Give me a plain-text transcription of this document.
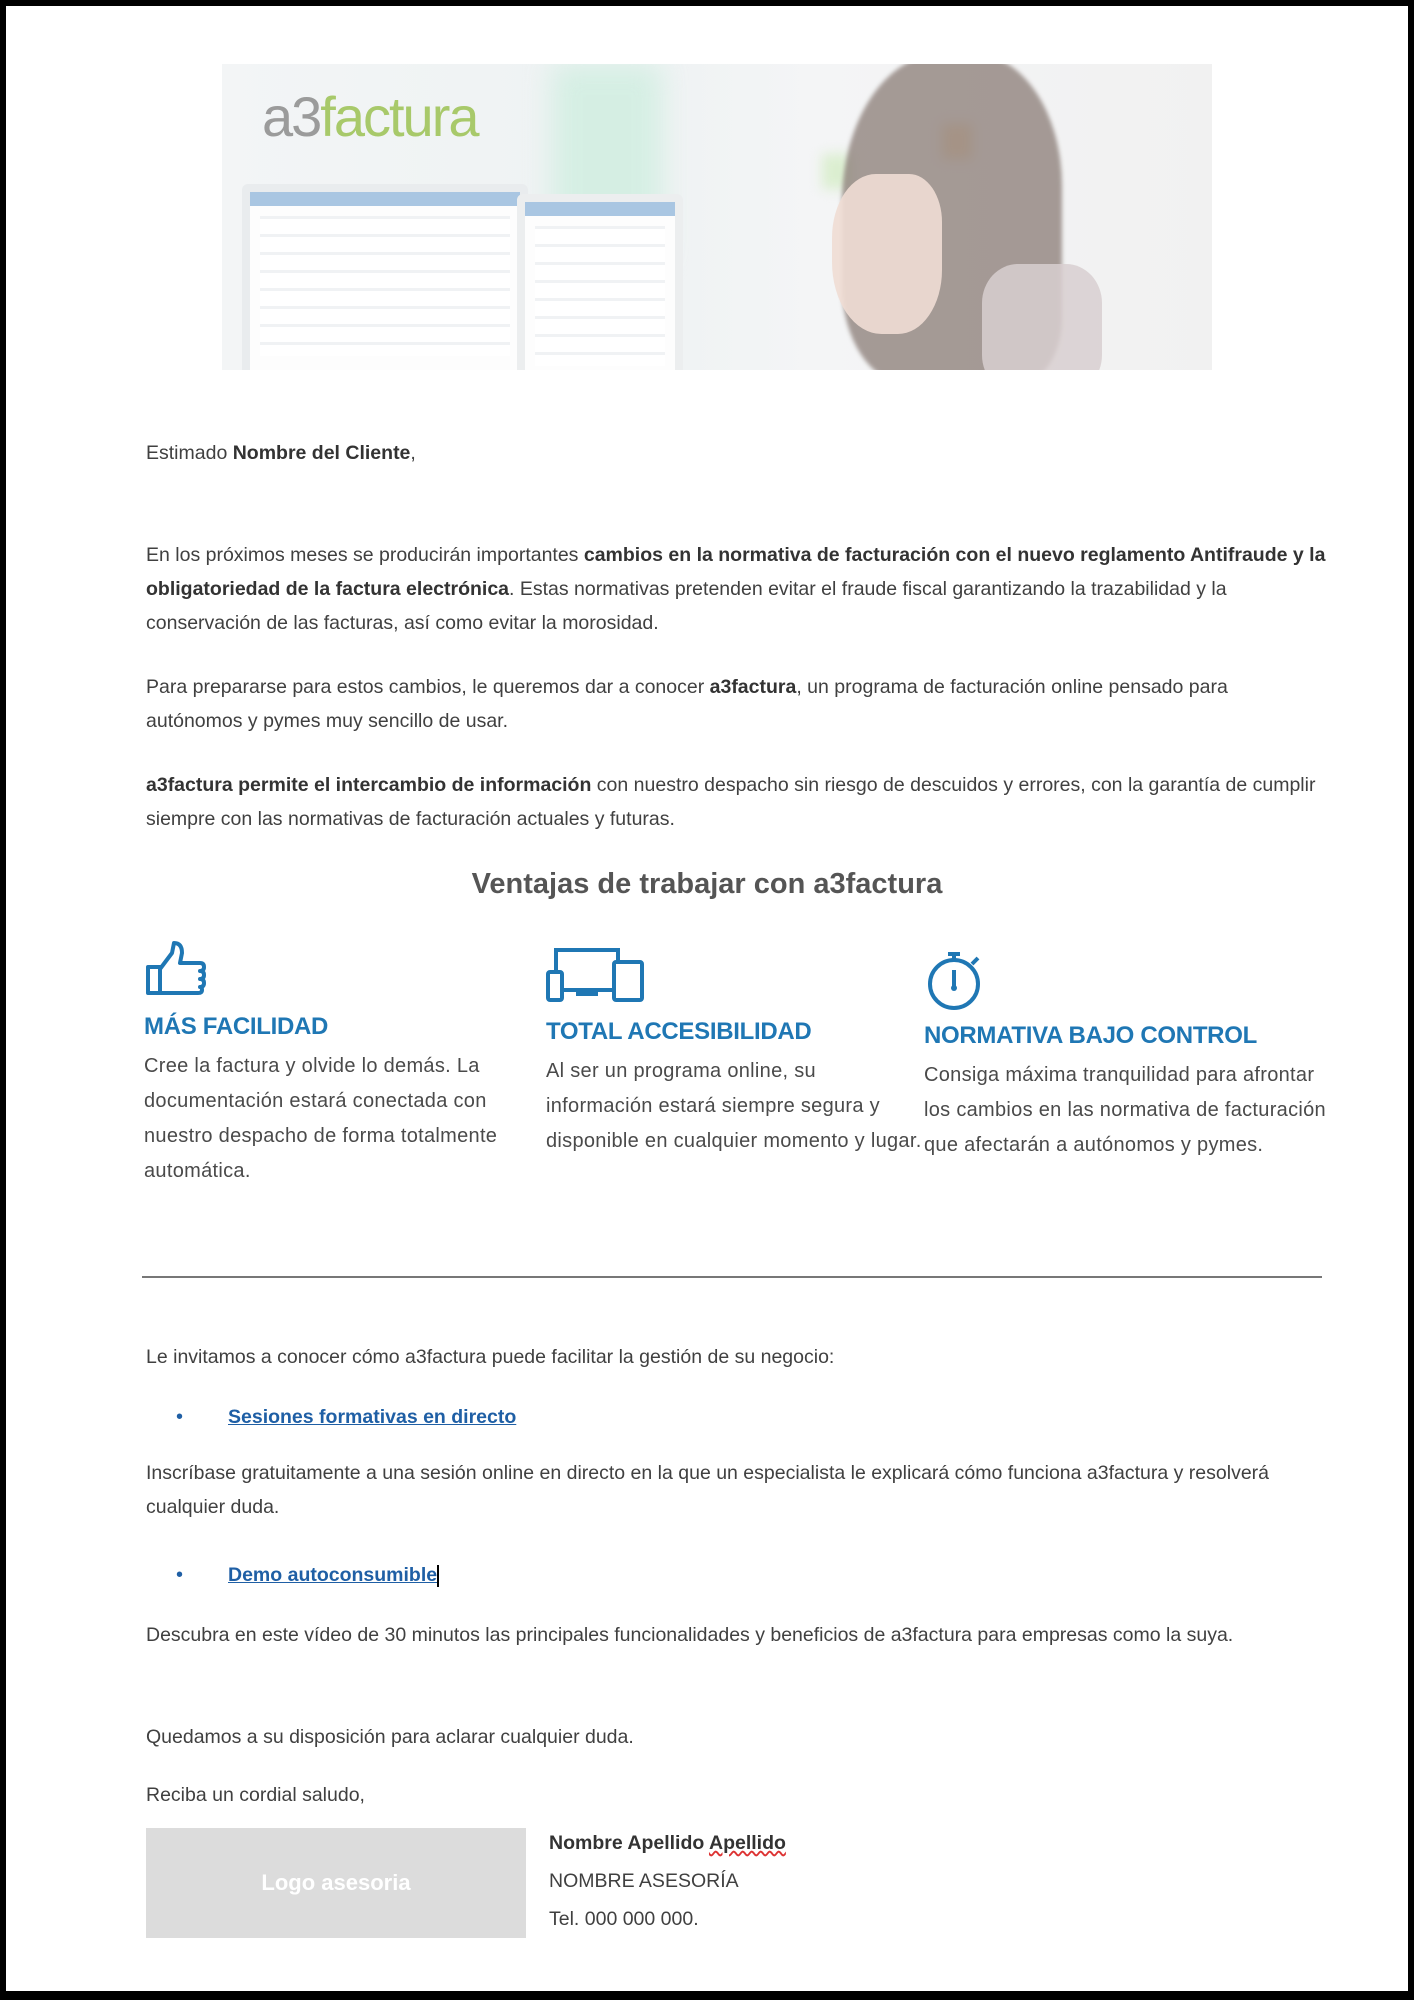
a3factura
Estimado Nombre del Cliente,
En los próximos meses se producirán importantes cambios en la normativa de facturación con el nuevo reglamento Antifraude y la obligatoriedad de la factura electrónica. Estas normativas pretenden evitar el fraude fiscal garantizando la trazabilidad y la conservación de las facturas, así como evitar la morosidad.
Para prepararse para estos cambios, le queremos dar a conocer a3factura, un programa de facturación online pensado para autónomos y pymes muy sencillo de usar.
a3factura permite el intercambio de información con nuestro despacho sin riesgo de descuidos y errores, con la garantía de cumplir siempre con las normativas de facturación actuales y futuras.
Ventajas de trabajar con a3factura
MÁS FACILIDAD

Cree la factura y olvide lo demás. La documentación estará conectada con nuestro despacho de forma totalmente automática.

TOTAL ACCESIBILIDAD

Al ser un programa online, su información estará siempre segura y disponible en cualquier momento y lugar.

NORMATIVA BAJO CONTROL

Consiga máxima tranquilidad para afrontar los cambios en las normativa de facturación que afectarán a autónomos y pymes.

Le invitamos a conocer cómo a3factura puede facilitar la gestión de su negocio:
• Sesiones formativas en directo
Inscríbase gratuitamente a una sesión online en directo en la que un especialista le explicará cómo funciona a3factura y resolverá cualquier duda.
• Demo autoconsumible
Descubra en este vídeo de 30 minutos las principales funcionalidades y beneficios de a3factura para empresas como la suya.
Quedamos a su disposición para aclarar cualquier duda.
Reciba un cordial saludo,
Logo asesoria
Nombre Apellido Apellido
NOMBRE ASESORÍA
Tel. 000 000 000.
